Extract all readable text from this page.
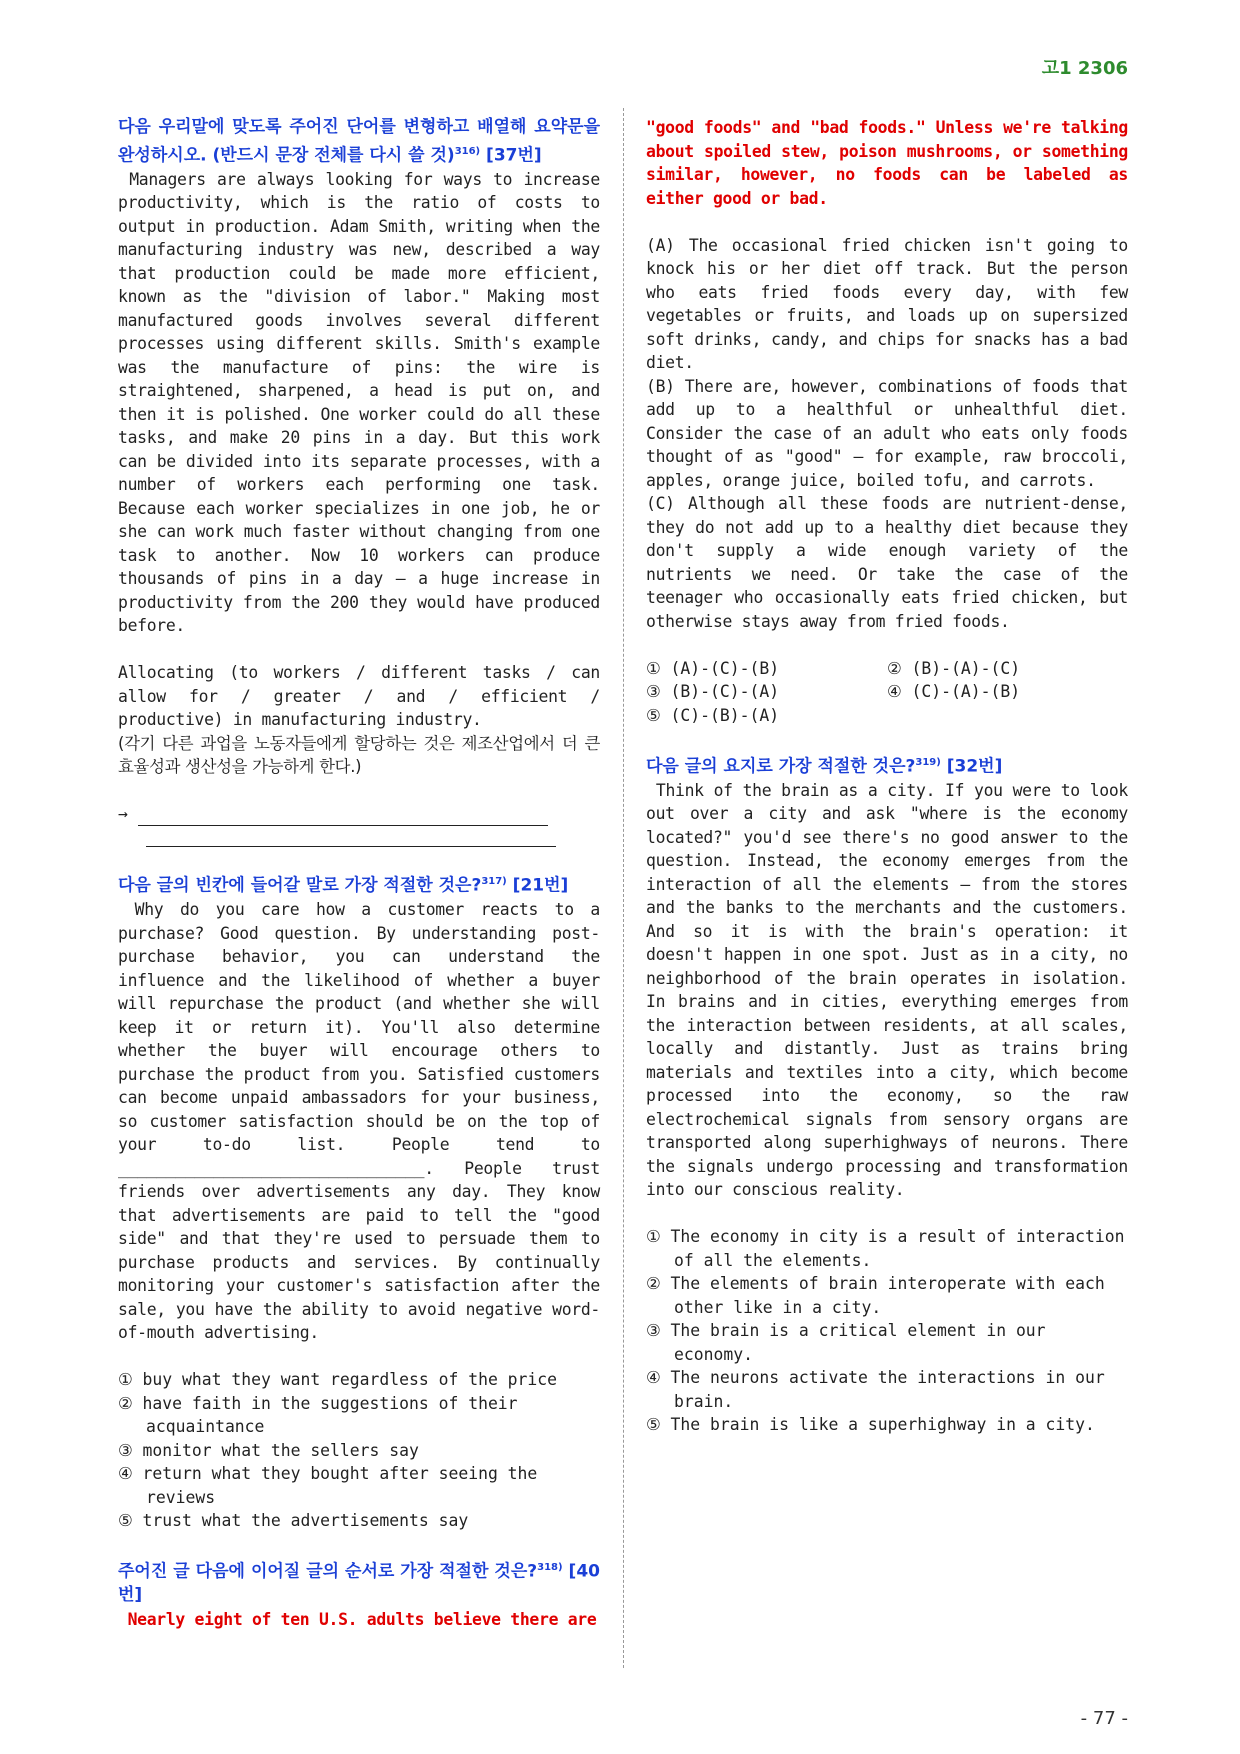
고1 2306
다음 우리말에 맞도록 주어진 단어를 변형하고 배열해 요약문을 완성하시오. (반드시 문장 전체를 다시 쓸 것)$^{316)}$ [37번]
Managers are always looking for ways to increase productivity, which is the ratio of costs to output in production. Adam Smith, writing when the manufacturing industry was new, described a way that production could be made more efficient, known as the "division of labor." Making most manufactured goods involves several different processes using different skills. Smith's example was the manufacture of pins: the wire is straightened, sharpened, a head is put on, and then it is polished. One worker could do all these tasks, and make 20 pins in a day. But this work can be divided into its separate processes, with a number of workers each performing one task. Because each worker specializes in one job, he or she can work much faster without changing from one task to another. Now 10 workers can produce thousands of pins in a day — a huge increase in productivity from the 200 they would have produced before.
Allocating (to workers / different tasks / can allow for / greater / and / efficient / productive) in manufacturing industry.
(각기 다른 과업을 노동자들에게 할당하는 것은 제조산업에서 더 큰 효율성과 생산성을 가능하게 한다.)
→
다음 글의 빈칸에 들어갈 말로 가장 적절한 것은?$^{317)}$ [21번]
Why do you care how a customer reacts to a purchase? Good question. By understanding post-purchase behavior, you can understand the influence and the likelihood of whether a buyer will repurchase the product (and whether she will keep it or return it). You'll also determine whether the buyer will encourage others to purchase the product from you. Satisfied customers can become unpaid ambassadors for your business, so customer satisfaction should be on the top of your to-do list. People tend to ________________________________. People trust friends over advertisements any day. They know that advertisements are paid to tell the "good side" and that they're used to persuade them to purchase products and services. By continually monitoring your customer's satisfaction after the sale, you have the ability to avoid negative word-of-mouth advertising.
① buy what they want regardless of the price
② have faith in the suggestions of their acquaintance
③ monitor what the sellers say
④ return what they bought after seeing the reviews
⑤ trust what the advertisements say
주어진 글 다음에 이어질 글의 순서로 가장 적절한 것은?$^{318)}$ [40번]
Nearly eight of ten U.S. adults believe there are
"good foods" and "bad foods." Unless we're talking about spoiled stew, poison mushrooms, or something similar, however, no foods can be labeled as either good or bad.
(A) The occasional fried chicken isn't going to knock his or her diet off track. But the person who eats fried foods every day, with few vegetables or fruits, and loads up on supersized soft drinks, candy, and chips for snacks has a bad diet.
(B) There are, however, combinations of foods that add up to a healthful or unhealthful diet. Consider the case of an adult who eats only foods thought of as "good" — for example, raw broccoli, apples, orange juice, boiled tofu, and carrots.
(C) Although all these foods are nutrient-dense, they do not add up to a healthy diet because they don't supply a wide enough variety of the nutrients we need. Or take the case of the teenager who occasionally eats fried chicken, but otherwise stays away from fried foods.
① (A)-(C)-(B)	② (B)-(A)-(C)
③ (B)-(C)-(A)	④ (C)-(A)-(B)
⑤ (C)-(B)-(A)
다음 글의 요지로 가장 적절한 것은?$^{319)}$ [32번]
Think of the brain as a city. If you were to look out over a city and ask "where is the economy located?" you'd see there's no good answer to the question. Instead, the economy emerges from the interaction of all the elements — from the stores and the banks to the merchants and the customers. And so it is with the brain's operation: it doesn't happen in one spot. Just as in a city, no neighborhood of the brain operates in isolation. In brains and in cities, everything emerges from the interaction between residents, at all scales, locally and distantly. Just as trains bring materials and textiles into a city, which become processed into the economy, so the raw electrochemical signals from sensory organs are transported along superhighways of neurons. There the signals undergo processing and transformation into our conscious reality.
① The economy in city is a result of interaction of all the elements.
② The elements of brain interoperate with each other like in a city.
③ The brain is a critical element in our economy.
④ The neurons activate the interactions in our brain.
⑤ The brain is like a superhighway in a city.
- 77 -
